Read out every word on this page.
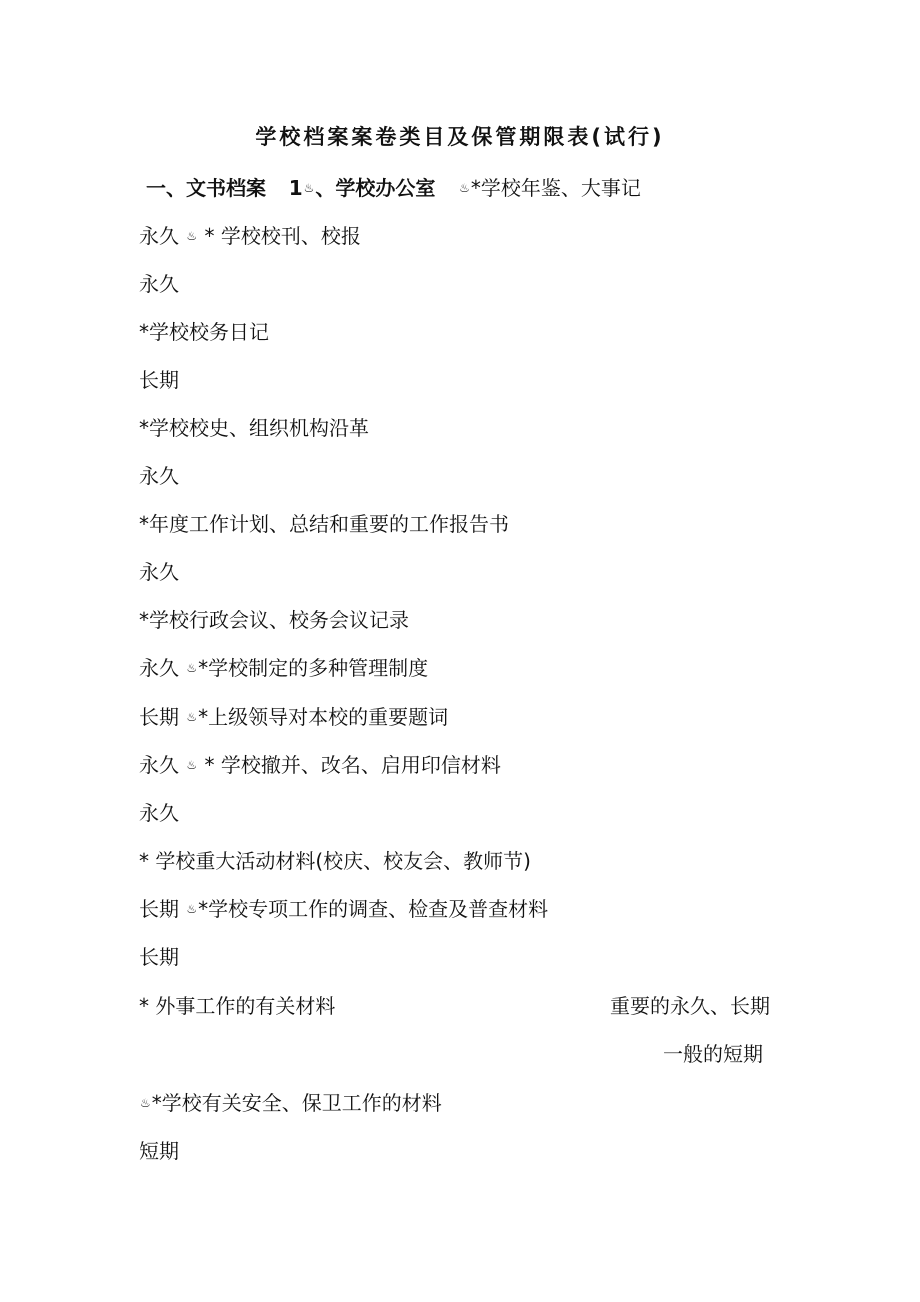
学校档案案卷类目及保管期限表(试行)
一、文书档案 1♨、学校办公室 ♨*学校年鉴、大事记
永久 ♨ * 学校校刊、校报
永久
*学校校务日记
长期
*学校校史、组织机构沿革
永久
*年度工作计划、总结和重要的工作报告书
永久
*学校行政会议、校务会议记录
永久 ♨*学校制定的多种管理制度
长期 ♨*上级领导对本校的重要题词
永久 ♨ * 学校撤并、改名、启用印信材料
永久
* 学校重大活动材料(校庆、校友会、教师节)
长期 ♨*学校专项工作的调查、检查及普查材料
长期
* 外事工作的有关材料	重要的永久、长期
一般的短期
♨*学校有关安全、保卫工作的材料
短期
